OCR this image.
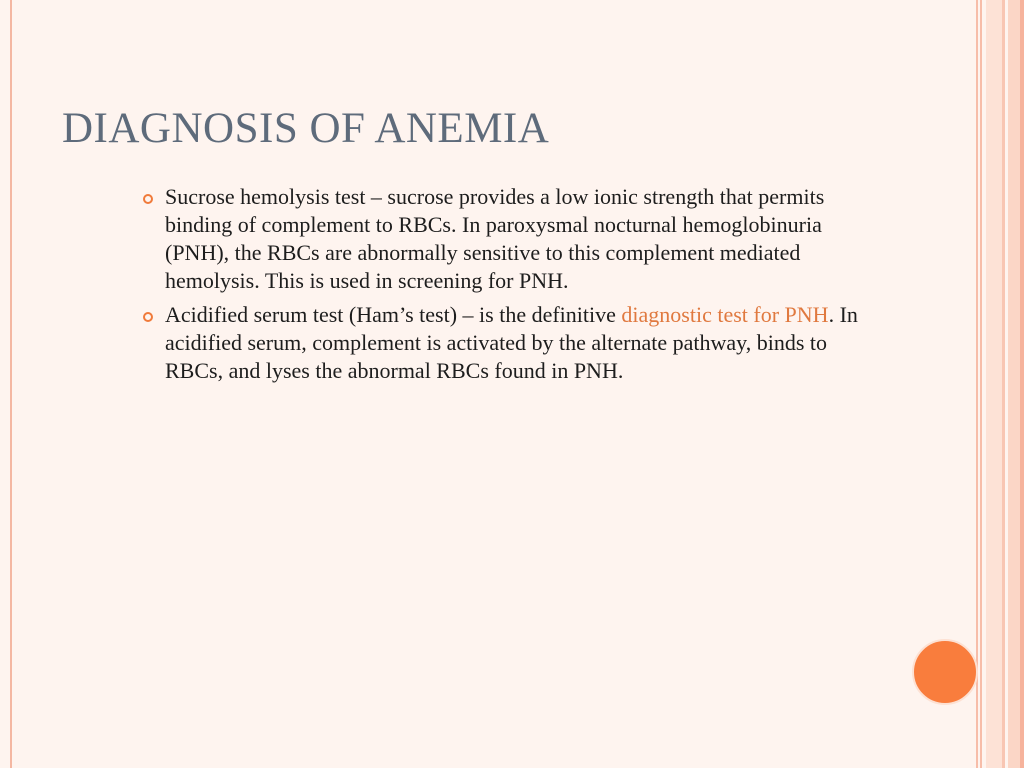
DIAGNOSIS OF ANEMIA
Sucrose hemolysis test – sucrose provides a low ionic strength that permits binding of complement to RBCs. In paroxysmal nocturnal hemoglobinuria (PNH), the RBCs are abnormally sensitive to this complement mediated hemolysis. This is used in screening for PNH.
Acidified serum test (Ham’s test) – is the definitive diagnostic test for PNH. In acidified serum, complement is activated by the alternate pathway, binds to RBCs, and lyses the abnormal RBCs found in PNH.
